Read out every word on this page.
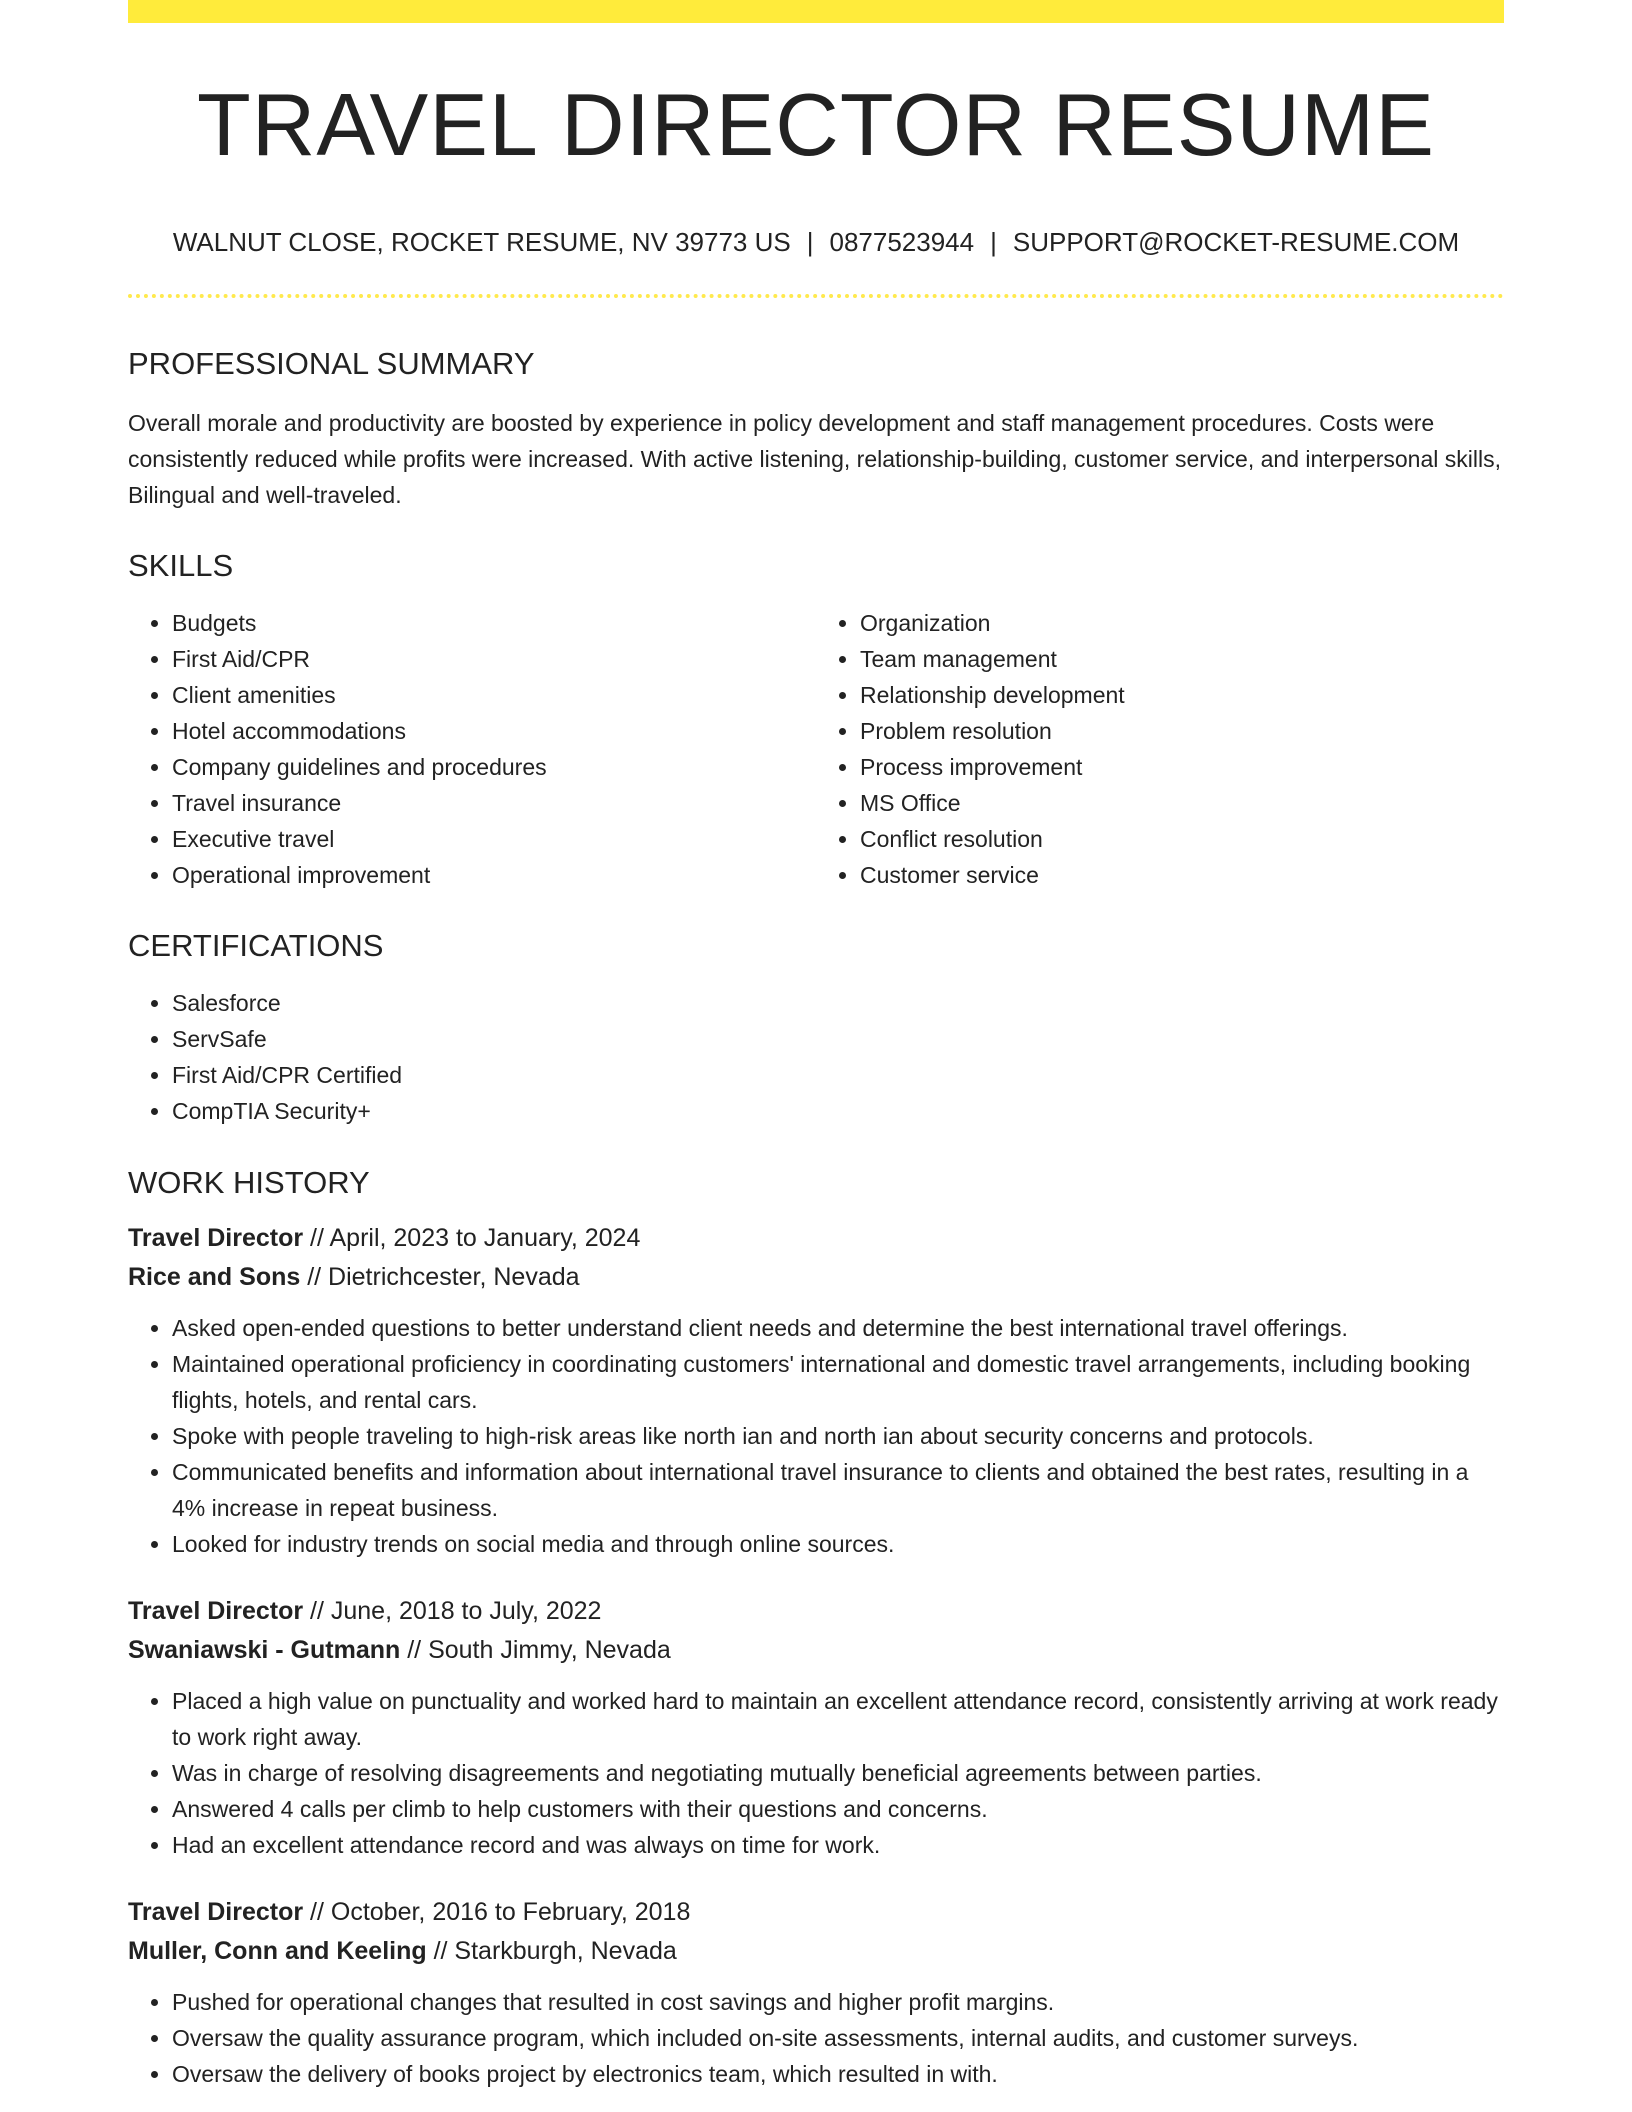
TRAVEL DIRECTOR RESUME
WALNUT CLOSE, ROCKET RESUME, NV 39773 US | 0877523944 | SUPPORT@ROCKET-RESUME.COM
PROFESSIONAL SUMMARY

Overall morale and productivity are boosted by experience in policy development and staff management procedures. Costs were consistently reduced while profits were increased. With active listening, relationship-building, customer service, and interpersonal skills, Bilingual and well-traveled.

SKILLS
• Budgets
• First Aid/CPR
• Client amenities
• Hotel accommodations
• Company guidelines and procedures
• Travel insurance
• Executive travel
• Operational improvement
• Organization
• Team management
• Relationship development
• Problem resolution
• Process improvement
• MS Office
• Conflict resolution
• Customer service
CERTIFICATIONS
• Salesforce
• ServSafe
• First Aid/CPR Certified
• CompTIA Security+
WORK HISTORY
Travel Director // April, 2023 to January, 2024
Rice and Sons // Dietrichcester, Nevada
• Asked open-ended questions to better understand client needs and determine the best international travel offerings.
• Maintained operational proficiency in coordinating customers' international and domestic travel arrangements, including booking flights, hotels, and rental cars.
• Spoke with people traveling to high-risk areas like north ian and north ian about security concerns and protocols.
• Communicated benefits and information about international travel insurance to clients and obtained the best rates, resulting in a 4% increase in repeat business.
• Looked for industry trends on social media and through online sources.
Travel Director // June, 2018 to July, 2022
Swaniawski - Gutmann // South Jimmy, Nevada
• Placed a high value on punctuality and worked hard to maintain an excellent attendance record, consistently arriving at work ready to work right away.
• Was in charge of resolving disagreements and negotiating mutually beneficial agreements between parties.
• Answered 4 calls per climb to help customers with their questions and concerns.
• Had an excellent attendance record and was always on time for work.
Travel Director // October, 2016 to February, 2018
Muller, Conn and Keeling // Starkburgh, Nevada
• Pushed for operational changes that resulted in cost savings and higher profit margins.
• Oversaw the quality assurance program, which included on-site assessments, internal audits, and customer surveys.
• Oversaw the delivery of books project by electronics team, which resulted in with.
